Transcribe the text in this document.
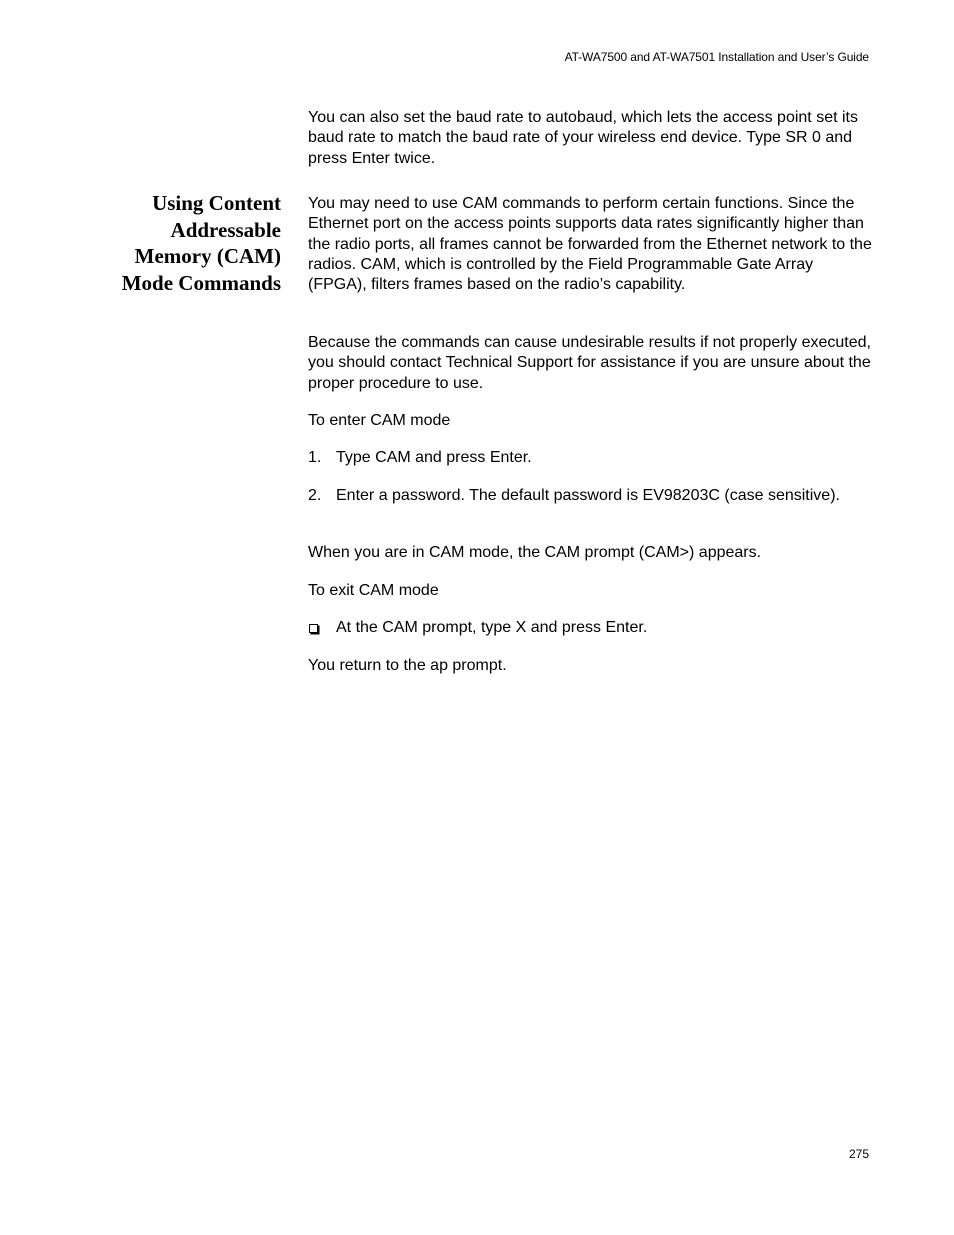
AT-WA7500 and AT-WA7501 Installation and User’s Guide

You can also set the baud rate to autobaud, which lets the access point set its baud rate to match the baud rate of your wireless end device. Type SR 0 and press Enter twice.

Using Content
Addressable
Memory (CAM)
Mode Commands

You may need to use CAM commands to perform certain functions. Since the Ethernet port on the access points supports data rates significantly higher than the radio ports, all frames cannot be forwarded from the Ethernet network to the radios. CAM, which is controlled by the Field Programmable Gate Array (FPGA), filters frames based on the radio’s capability.

Because the commands can cause undesirable results if not properly executed, you should contact Technical Support for assistance if you are unsure about the proper procedure to use.

To enter CAM mode

1. Type CAM and press Enter.
2. Enter a password. The default password is EV98203C (case sensitive).

When you are in CAM mode, the CAM prompt (CAM>) appears.

To exit CAM mode

At the CAM prompt, type X and press Enter.

You return to the ap prompt.

275
